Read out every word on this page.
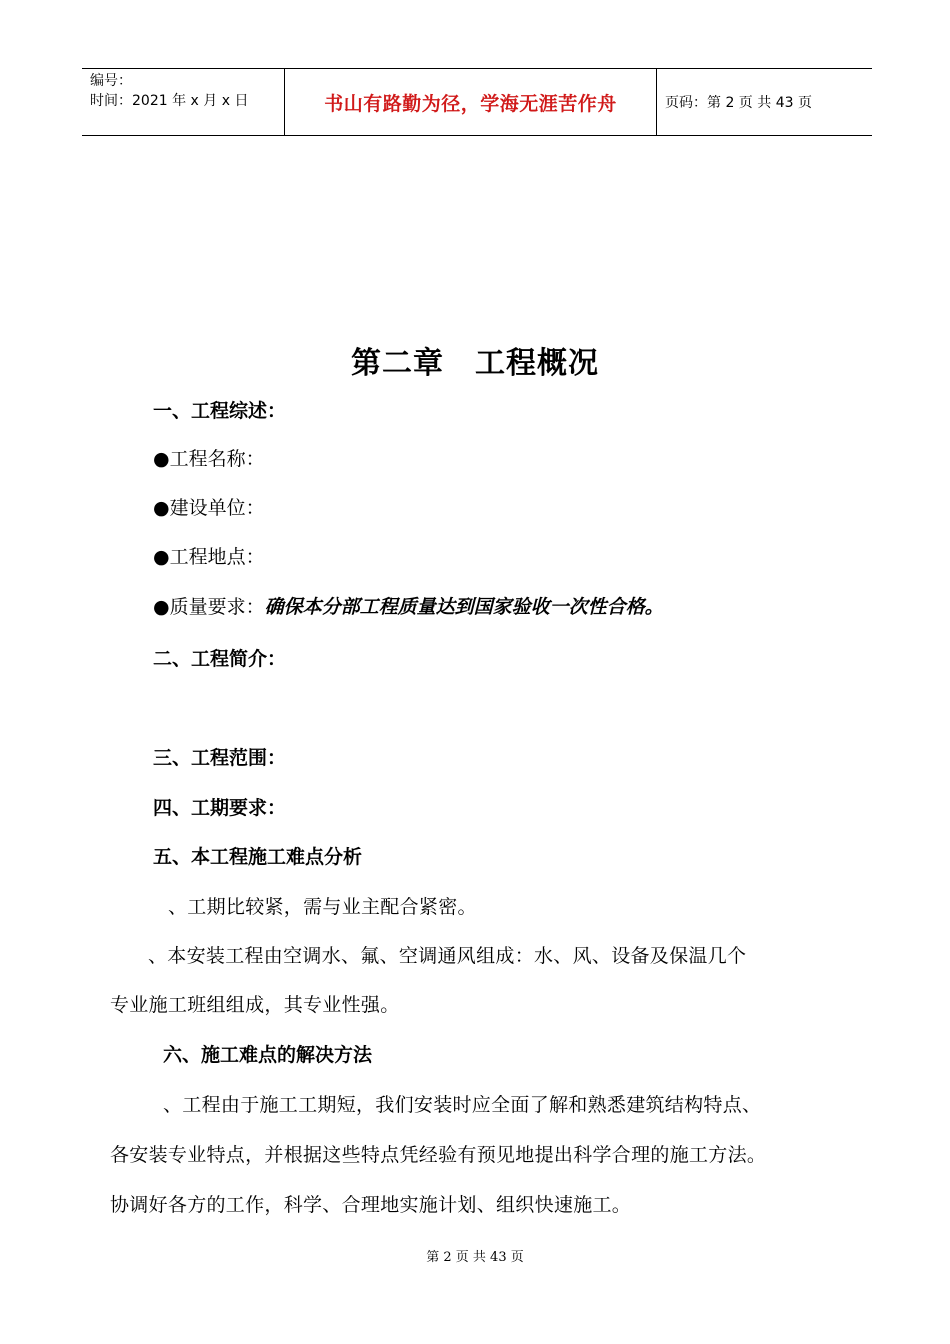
编号：
时间：2021 年 x 月 x 日	书山有路勤为径，学海无涯苦作舟	页码：第 2 页 共 43 页
第二章　工程概况
一、工程综述：
●工程名称：
●建设单位：
●工程地点：
●质量要求：确保本分部工程质量达到国家验收一次性合格。
二、工程简介：
三、工程范围：
四、工期要求：
五、本工程施工难点分析
、工期比较紧，需与业主配合紧密。
、本安装工程由空调水、氟、空调通风组成：水、风、设备及保温几个
专业施工班组组成，其专业性强。
六、施工难点的解决方法
、工程由于施工工期短，我们安装时应全面了解和熟悉建筑结构特点、
各安装专业特点，并根据这些特点凭经验有预见地提出科学合理的施工方法。
协调好各方的工作，科学、合理地实施计划、组织快速施工。
第 2 页 共 43 页
